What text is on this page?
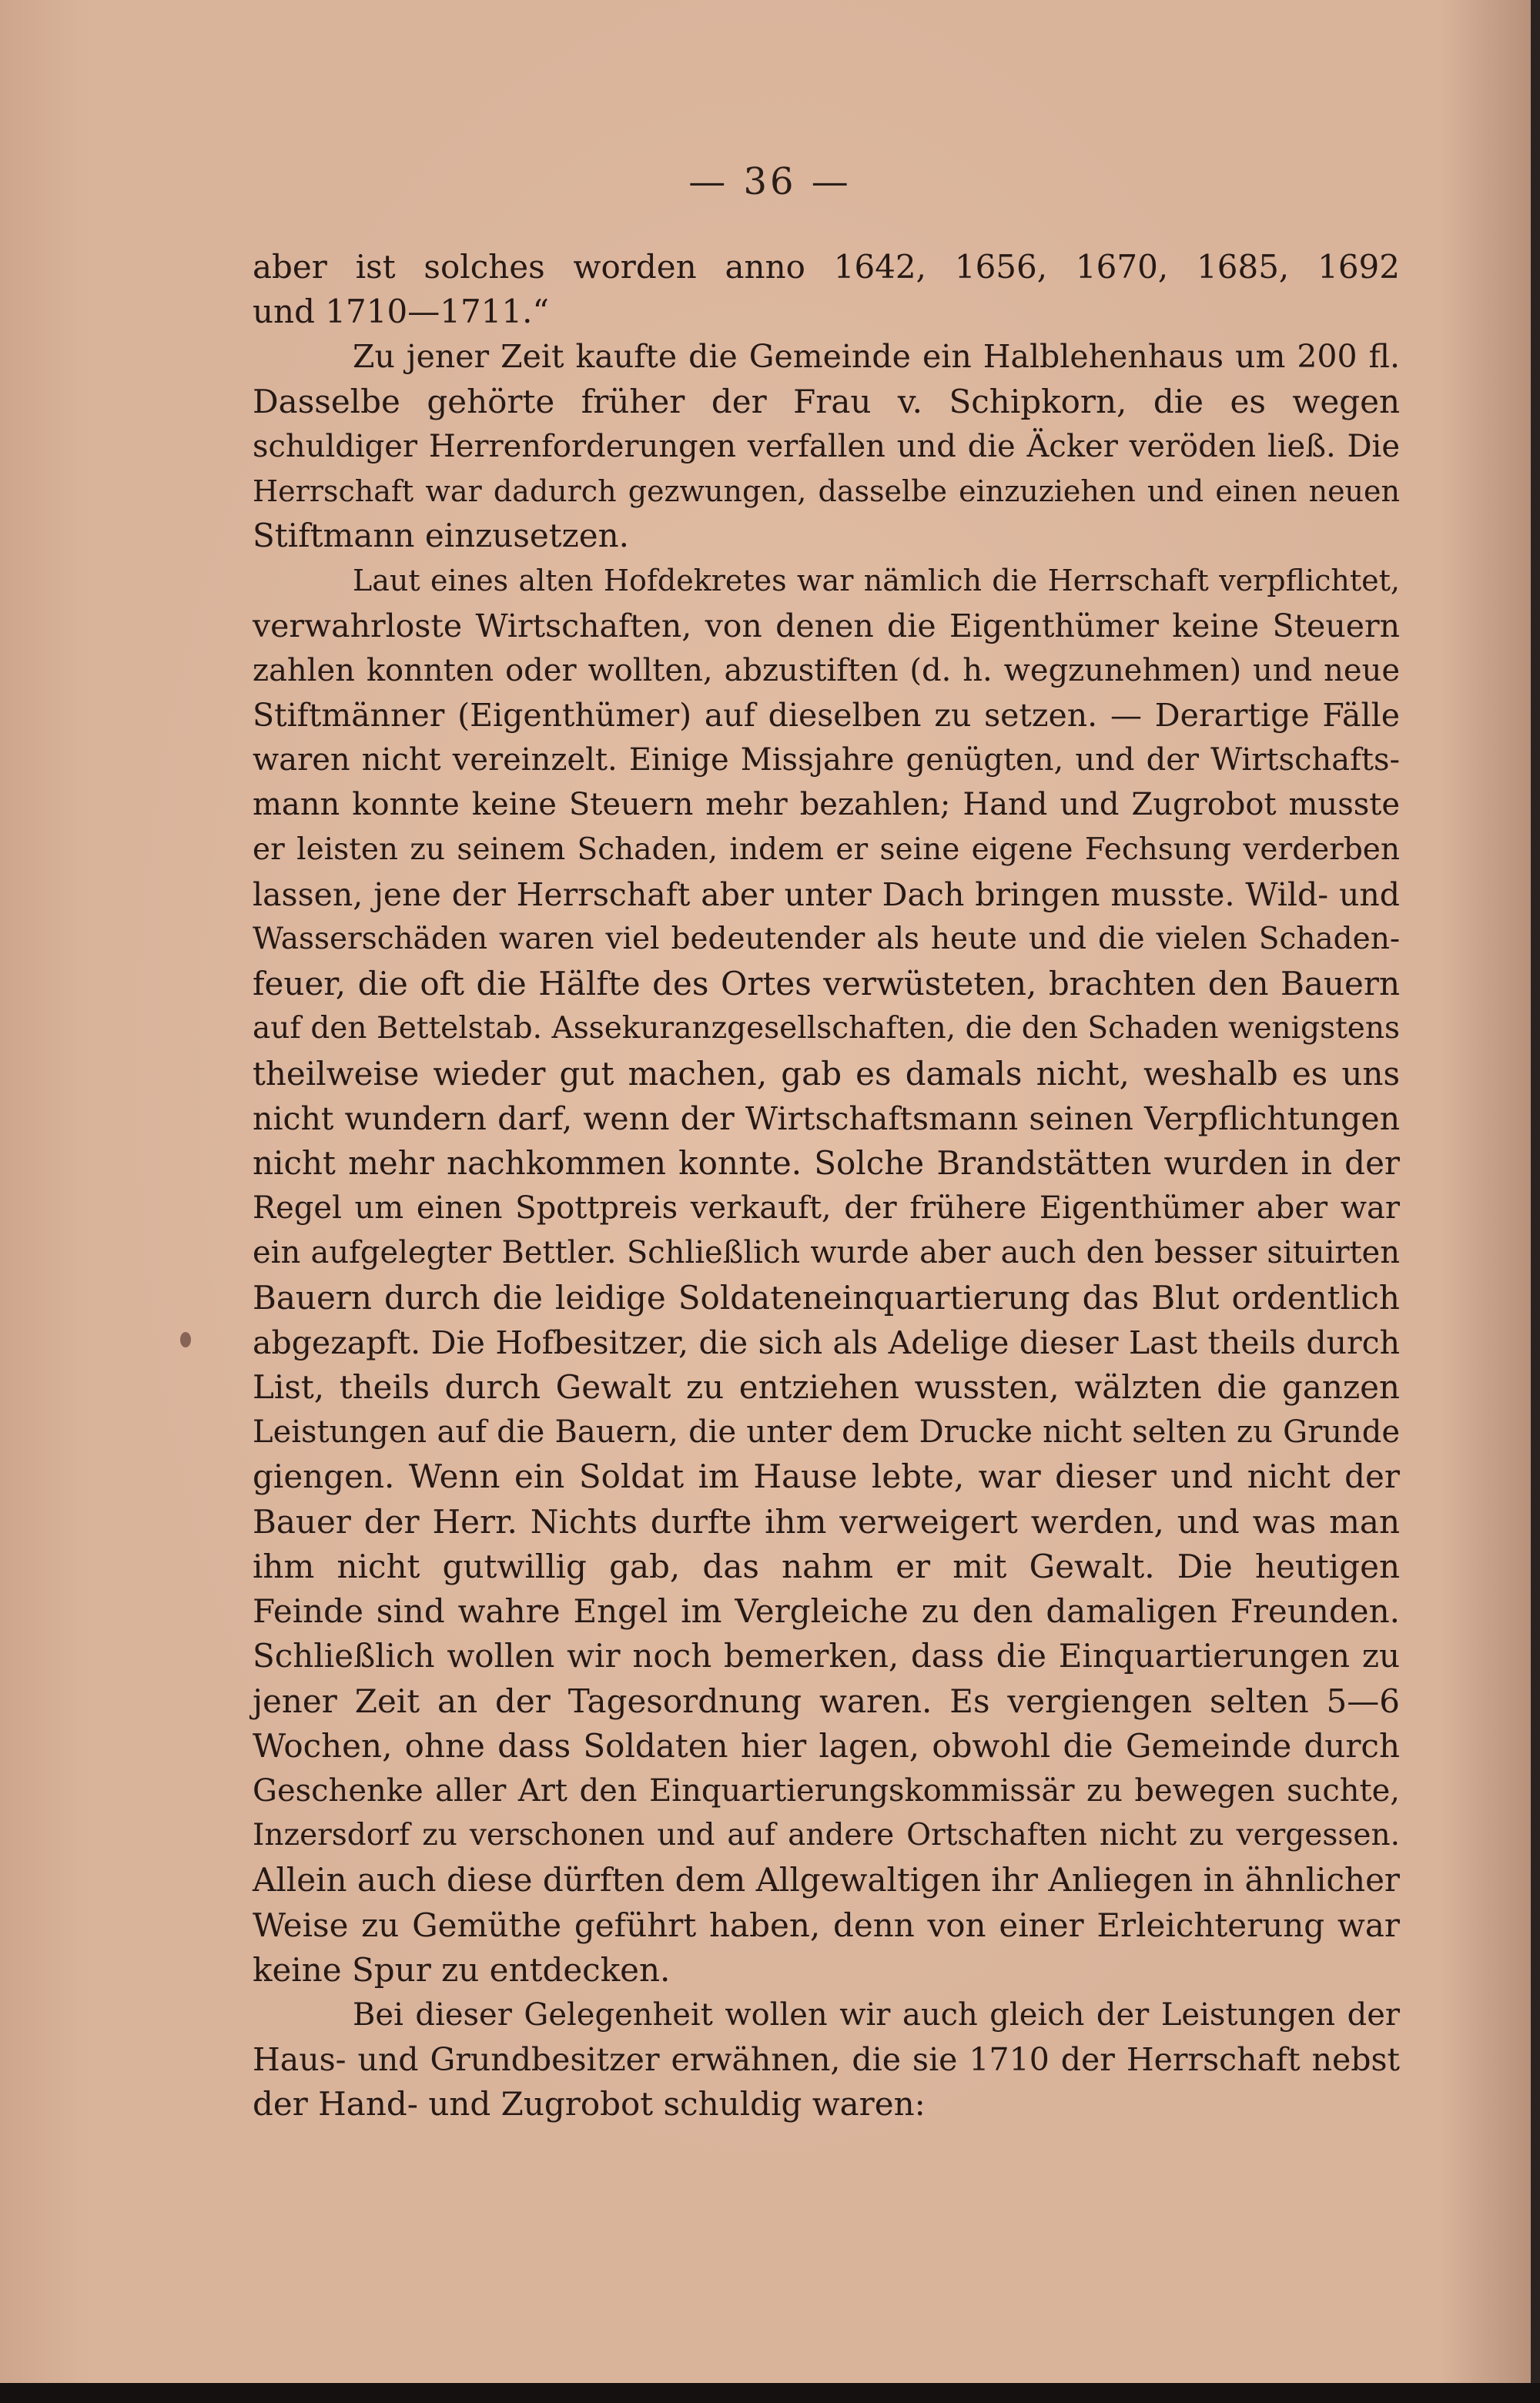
— 36 —
aber ist solches worden anno 1642, 1656, 1670, 1685, 1692
und 1710—1711.“
Zu jener Zeit kaufte die Gemeinde ein Halblehenhaus um 200 fl.
Dasselbe gehörte früher der Frau v. Schipkorn, die es wegen
schuldiger Herrenforderungen verfallen und die Äcker veröden ließ. Die
Herrschaft war dadurch gezwungen, dasselbe einzuziehen und einen neuen
Stiftmann einzusetzen.
Laut eines alten Hofdekretes war nämlich die Herrschaft verpflichtet,
verwahrloste Wirtschaften, von denen die Eigenthümer keine Steuern
zahlen konnten oder wollten, abzustiften (d. h. wegzunehmen) und neue
Stiftmänner (Eigenthümer) auf dieselben zu setzen. — Derartige Fälle
waren nicht vereinzelt. Einige Missjahre genügten, und der Wirtschafts-
mann konnte keine Steuern mehr bezahlen; Hand und Zugrobot musste
er leisten zu seinem Schaden, indem er seine eigene Fechsung verderben
lassen, jene der Herrschaft aber unter Dach bringen musste. Wild- und
Wasserschäden waren viel bedeutender als heute und die vielen Schaden-
feuer, die oft die Hälfte des Ortes verwüsteten, brachten den Bauern
auf den Bettelstab. Assekuranzgesellschaften, die den Schaden wenigstens
theilweise wieder gut machen, gab es damals nicht, weshalb es uns
nicht wundern darf, wenn der Wirtschaftsmann seinen Verpflichtungen
nicht mehr nachkommen konnte. Solche Brandstätten wurden in der
Regel um einen Spottpreis verkauft, der frühere Eigenthümer aber war
ein aufgelegter Bettler. Schließlich wurde aber auch den besser situirten
Bauern durch die leidige Soldateneinquartierung das Blut ordentlich
abgezapft. Die Hofbesitzer, die sich als Adelige dieser Last theils durch
List, theils durch Gewalt zu entziehen wussten, wälzten die ganzen
Leistungen auf die Bauern, die unter dem Drucke nicht selten zu Grunde
giengen. Wenn ein Soldat im Hause lebte, war dieser und nicht der
Bauer der Herr. Nichts durfte ihm verweigert werden, und was man
ihm nicht gutwillig gab, das nahm er mit Gewalt. Die heutigen
Feinde sind wahre Engel im Vergleiche zu den damaligen Freunden.
Schließlich wollen wir noch bemerken, dass die Einquartierungen zu
jener Zeit an der Tagesordnung waren. Es vergiengen selten 5—6
Wochen, ohne dass Soldaten hier lagen, obwohl die Gemeinde durch
Geschenke aller Art den Einquartierungskommissär zu bewegen suchte,
Inzersdorf zu verschonen und auf andere Ortschaften nicht zu vergessen.
Allein auch diese dürften dem Allgewaltigen ihr Anliegen in ähnlicher
Weise zu Gemüthe geführt haben, denn von einer Erleichterung war
keine Spur zu entdecken.
Bei dieser Gelegenheit wollen wir auch gleich der Leistungen der
Haus- und Grundbesitzer erwähnen, die sie 1710 der Herrschaft nebst
der Hand- und Zugrobot schuldig waren:
